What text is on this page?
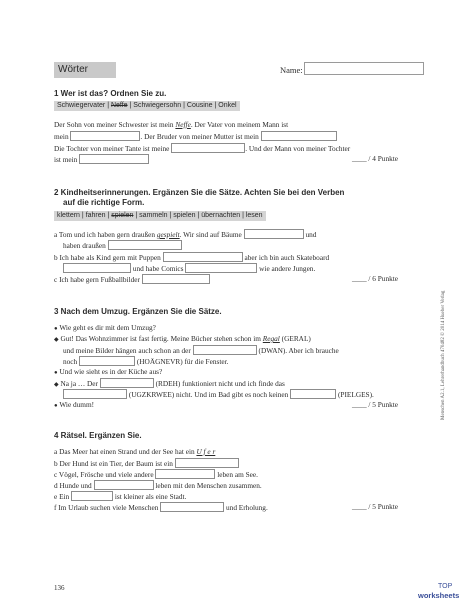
Wörter	Name:
1 Wer ist das? Ordnen Sie zu.
Schwiegervater | Neffe | Schwiegersohn | Cousine | Onkel
Der Sohn von meiner Schwester ist mein Neffe. Der Vater von meinem Mann ist
mein	. Der Bruder von meiner Mutter ist mein
Die Tochter von meiner Tante ist meine	. Und der Mann von meiner Tochter
ist mein	____ / 4 Punkte
2 Kindheitserinnerungen. Ergänzen Sie die Sätze. Achten Sie bei den Verben
auf die richtige Form.
klettern | fahren | spielen | sammeln | spielen | übernachten | lesen
a Tom und ich haben gern draußen gespielt. Wir sind auf Bäume	und
haben draußen
b Ich habe als Kind gern mit Puppen	aber ich bin auch Skateboard
und habe Comics	wie andere Jungen.
c Ich habe gern Fußballbilder	____ / 6 Punkte
3 Nach dem Umzug. Ergänzen Sie die Sätze.
● Wie geht es dir mit dem Umzug?
◆ Gut! Das Wohnzimmer ist fast fertig. Meine Bücher stehen schon im Regal (GERAL)
und meine Bilder hängen auch schon an der	(DWAN). Aber ich brauche
noch	(HOÄGNEVR) für die Fenster.
● Und wie sieht es in der Küche aus?
◆ Na ja … Der	(RDEH) funktioniert nicht und ich finde das
(UGZKRWEE) nicht. Und im Bad gibt es noch keinen	(PIELGES).
● Wie dumm!	____ / 5 Punkte
4 Rätsel. Ergänzen Sie.
a Das Meer hat einen Strand und der See hat ein U f e r
b Der Hund ist ein Tier, der Baum ist ein
c Vögel, Frösche und viele andere	leben am See.
d Hunde und	leben mit den Menschen zusammen.
e Ein	ist kleiner als eine Stadt.
f Im Urlaub suchen viele Menschen	und Erholung.	____ / 5 Punkte
Menschen A2.1, Lehrerhandbuch 470482 © 2014 Hueber Verlag
136	TOP
worksheets
